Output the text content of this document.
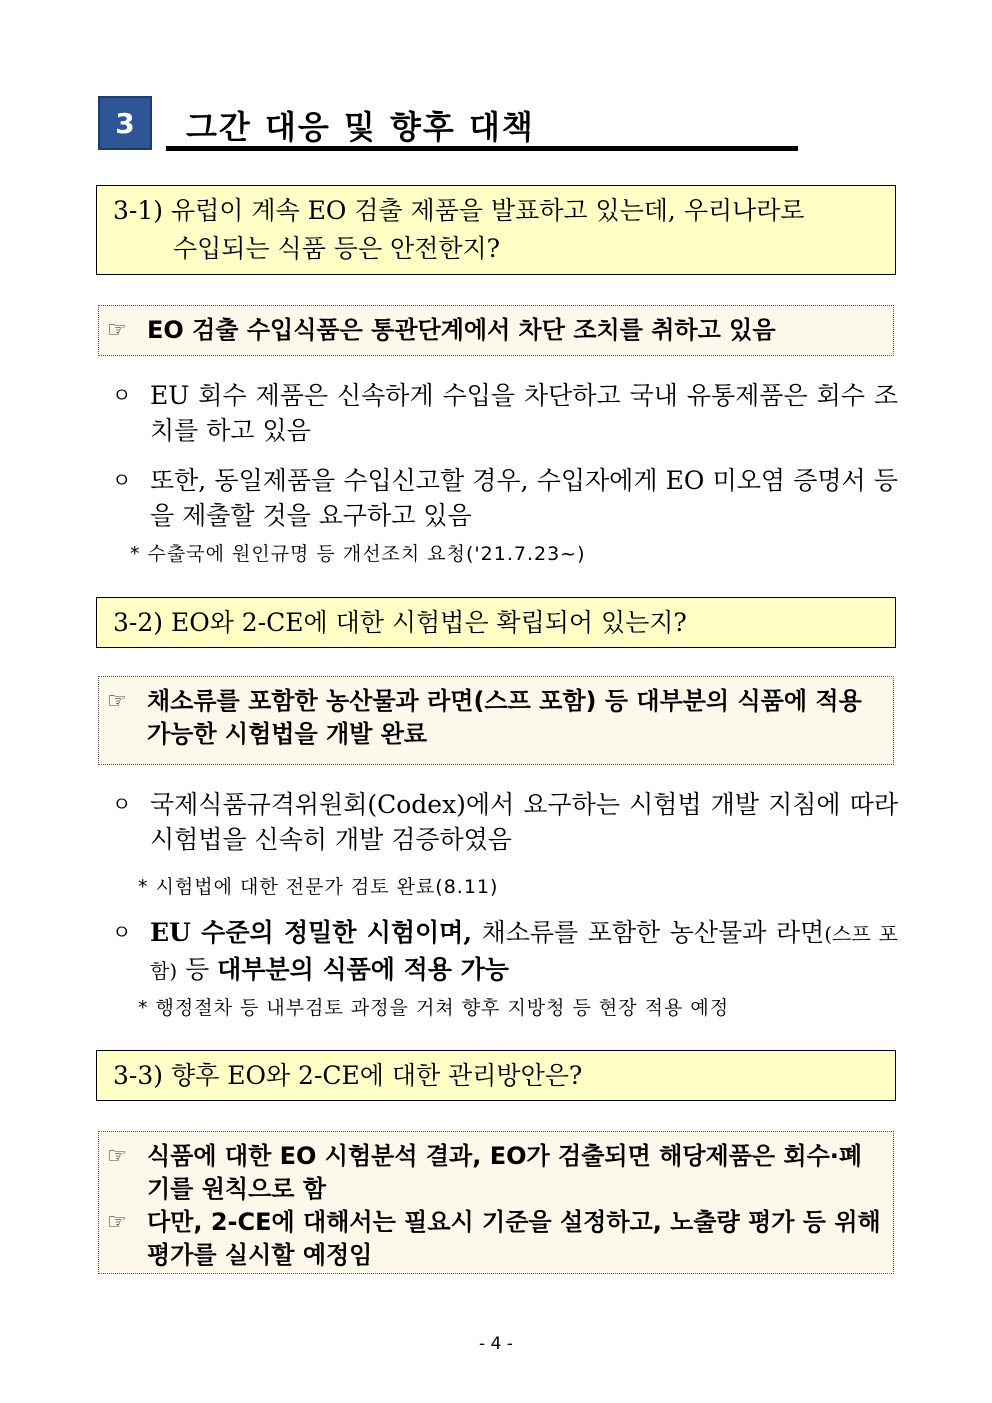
3	그간 대응 및 향후 대책
3-1) 유럽이 계속 EO 검출 제품을 발표하고 있는데, 우리나라로
수입되는 식품 등은 안전한지?
☞ EO 검출 수입식품은 통관단계에서 차단 조치를 취하고 있음
ㅇ EU 회수 제품은 신속하게 수입을 차단하고 국내 유통제품은 회수 조치를 하고 있음
ㅇ 또한, 동일제품을 수입신고할 경우, 수입자에게 EO 미오염 증명서 등을 제출할 것을 요구하고 있음
* 수출국에 원인규명 등 개선조치 요청('21.7.23~)
3-2) EO와 2-CE에 대한 시험법은 확립되어 있는지?
☞ 채소류를 포함한 농산물과 라면(스프 포함) 등 대부분의 식품에 적용 가능한 시험법을 개발 완료
ㅇ 국제식품규격위원회(Codex)에서 요구하는 시험법 개발 지침에 따라 시험법을 신속히 개발 검증하였음
* 시험법에 대한 전문가 검토 완료(8.11)
ㅇ EU 수준의 정밀한 시험이며, 채소류를 포함한 농산물과 라면(스프 포함) 등 대부분의 식품에 적용 가능
* 행정절차 등 내부검토 과정을 거쳐 향후 지방청 등 현장 적용 예정
3-3) 향후 EO와 2-CE에 대한 관리방안은?
☞ 식품에 대한 EO 시험분석 결과, EO가 검출되면 해당제품은 회수·폐기를 원칙으로 함
☞ 다만, 2-CE에 대해서는 필요시 기준을 설정하고, 노출량 평가 등 위해평가를 실시할 예정임
- 4 -
